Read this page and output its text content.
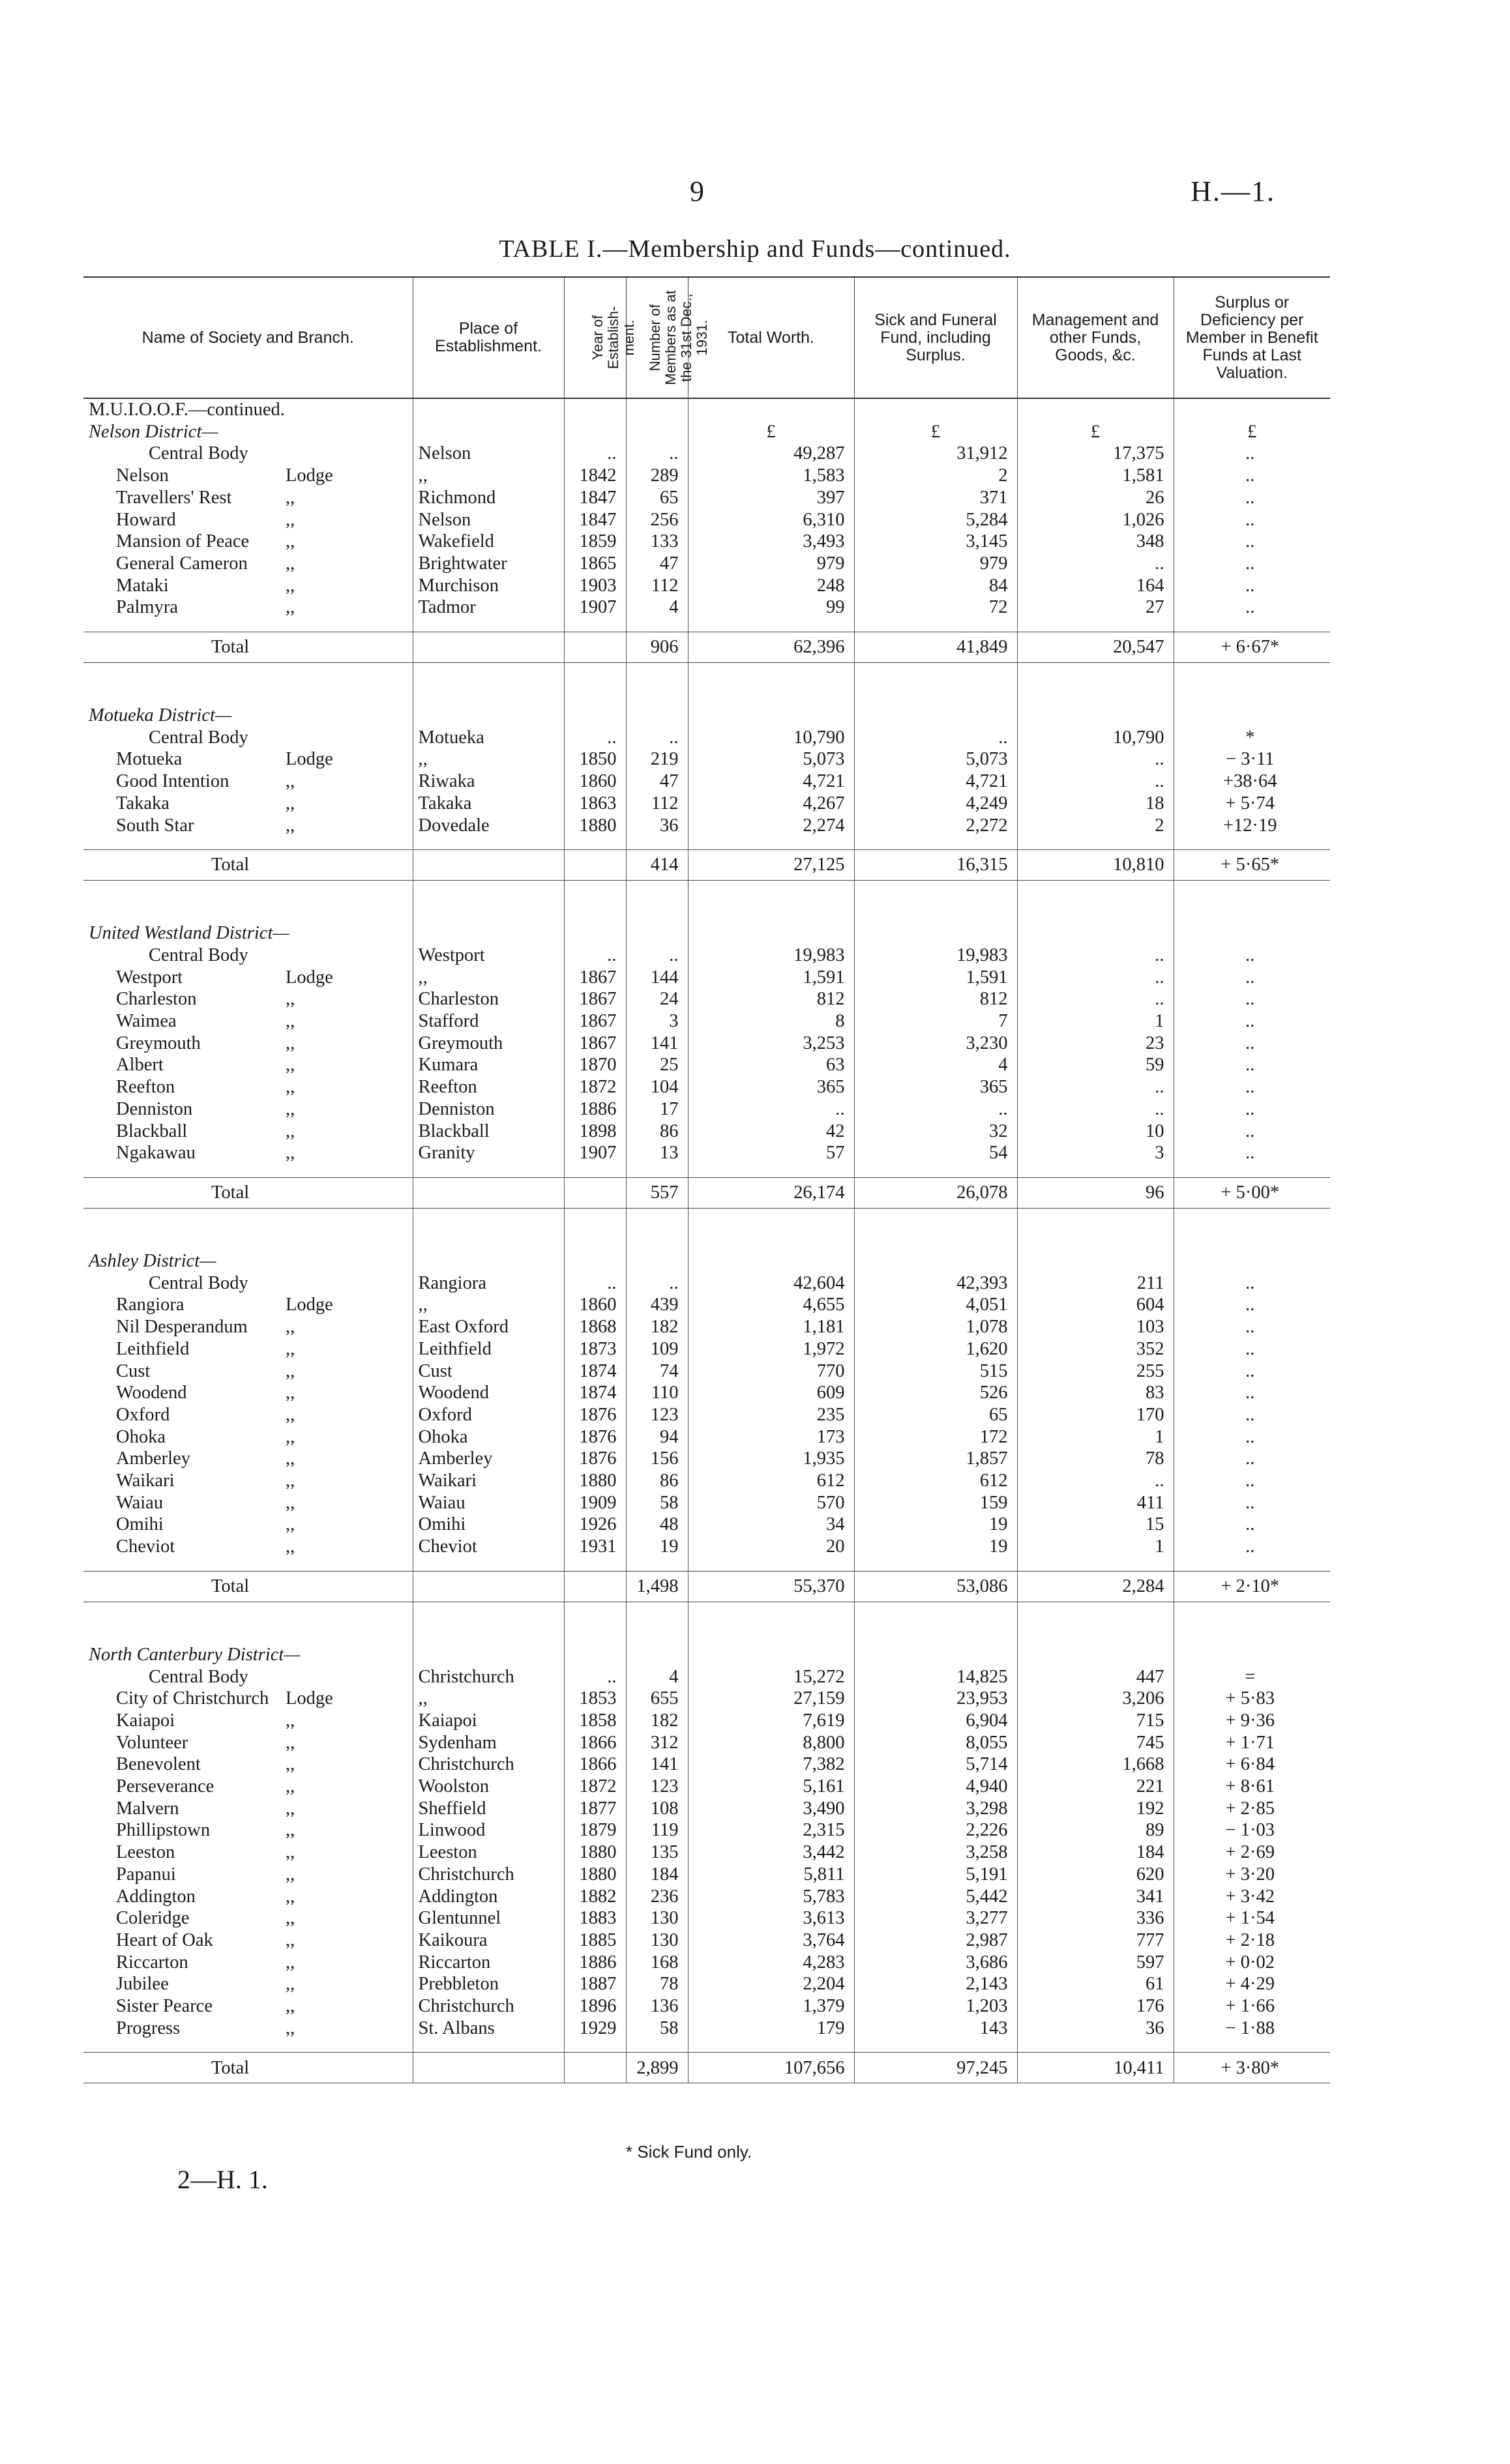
9	H.—1.
TABLE I.—Membership and Funds—continued.
Name of Society and Branch.	Place of Establishment.	Year of Establish- ment.	Number of Members as at the 31st Dec., 1931.	Total Worth.	Sick and Funeral Fund, including Surplus.	Management and other Funds, Goods, &c.	Surplus or Deficiency per Member in Benefit Funds at Last Valuation.
M.U.I.O.O.F.—continued.							
Nelson District—				£	£	£	£
Central Body	Nelson	..	..	49,287	31,912	17,375	..
Nelson Lodge	,,	1842	289	1,583	2	1,581	..
Travellers' Rest ,,	Richmond	1847	65	397	371	26	..
Howard ,,	Nelson	1847	256	6,310	5,284	1,026	..
Mansion of Peace ,,	Wakefield	1859	133	3,493	3,145	348	..
General Cameron ,,	Brightwater	1865	47	979	979	..	..
Mataki ,,	Murchison	1903	112	248	84	164	..
Palmyra ,,	Tadmor	1907	4	99	72	27	..

Total			906	62,396	41,849	20,547	+ 6·67*

Motueka District—							
Central Body	Motueka	..	..	10,790	..	10,790	*
Motueka Lodge	,,	1850	219	5,073	5,073	..	− 3·11
Good Intention ,,	Riwaka	1860	47	4,721	4,721	..	+38·64
Takaka ,,	Takaka	1863	112	4,267	4,249	18	+ 5·74
South Star ,,	Dovedale	1880	36	2,274	2,272	2	+12·19

Total			414	27,125	16,315	10,810	+ 5·65*

United Westland District—							
Central Body	Westport	..	..	19,983	19,983	..	..
Westport Lodge	,,	1867	144	1,591	1,591	..	..
Charleston ,,	Charleston	1867	24	812	812	..	..
Waimea ,,	Stafford	1867	3	8	7	1	..
Greymouth ,,	Greymouth	1867	141	3,253	3,230	23	..
Albert ,,	Kumara	1870	25	63	4	59	..
Reefton ,,	Reefton	1872	104	365	365	..	..
Denniston ,,	Denniston	1886	17	..	..	..	..
Blackball ,,	Blackball	1898	86	42	32	10	..
Ngakawau ,,	Granity	1907	13	57	54	3	..

Total			557	26,174	26,078	96	+ 5·00*

Ashley District—							
Central Body	Rangiora	..	..	42,604	42,393	211	..
Rangiora Lodge	,,	1860	439	4,655	4,051	604	..
Nil Desperandum ,,	East Oxford	1868	182	1,181	1,078	103	..
Leithfield ,,	Leithfield	1873	109	1,972	1,620	352	..
Cust ,,	Cust	1874	74	770	515	255	..
Woodend ,,	Woodend	1874	110	609	526	83	..
Oxford ,,	Oxford	1876	123	235	65	170	..
Ohoka ,,	Ohoka	1876	94	173	172	1	..
Amberley ,,	Amberley	1876	156	1,935	1,857	78	..
Waikari ,,	Waikari	1880	86	612	612	..	..
Waiau ,,	Waiau	1909	58	570	159	411	..
Omihi ,,	Omihi	1926	48	34	19	15	..
Cheviot ,,	Cheviot	1931	19	20	19	1	..

Total			1,498	55,370	53,086	2,284	+ 2·10*

North Canterbury District—							
Central Body	Christchurch	..	4	15,272	14,825	447	=
City of Christchurch Lodge	,,	1853	655	27,159	23,953	3,206	+ 5·83
Kaiapoi ,,	Kaiapoi	1858	182	7,619	6,904	715	+ 9·36
Volunteer ,,	Sydenham	1866	312	8,800	8,055	745	+ 1·71
Benevolent ,,	Christchurch	1866	141	7,382	5,714	1,668	+ 6·84
Perseverance ,,	Woolston	1872	123	5,161	4,940	221	+ 8·61
Malvern ,,	Sheffield	1877	108	3,490	3,298	192	+ 2·85
Phillipstown ,,	Linwood	1879	119	2,315	2,226	89	− 1·03
Leeston ,,	Leeston	1880	135	3,442	3,258	184	+ 2·69
Papanui ,,	Christchurch	1880	184	5,811	5,191	620	+ 3·20
Addington ,,	Addington	1882	236	5,783	5,442	341	+ 3·42
Coleridge ,,	Glentunnel	1883	130	3,613	3,277	336	+ 1·54
Heart of Oak ,,	Kaikoura	1885	130	3,764	2,987	777	+ 2·18
Riccarton ,,	Riccarton	1886	168	4,283	3,686	597	+ 0·02
Jubilee ,,	Prebbleton	1887	78	2,204	2,143	61	+ 4·29
Sister Pearce ,,	Christchurch	1896	136	1,379	1,203	176	+ 1·66
Progress ,,	St. Albans	1929	58	179	143	36	− 1·88

Total			2,899	107,656	97,245	10,411	+ 3·80*
* Sick Fund only.
2—H. 1.
